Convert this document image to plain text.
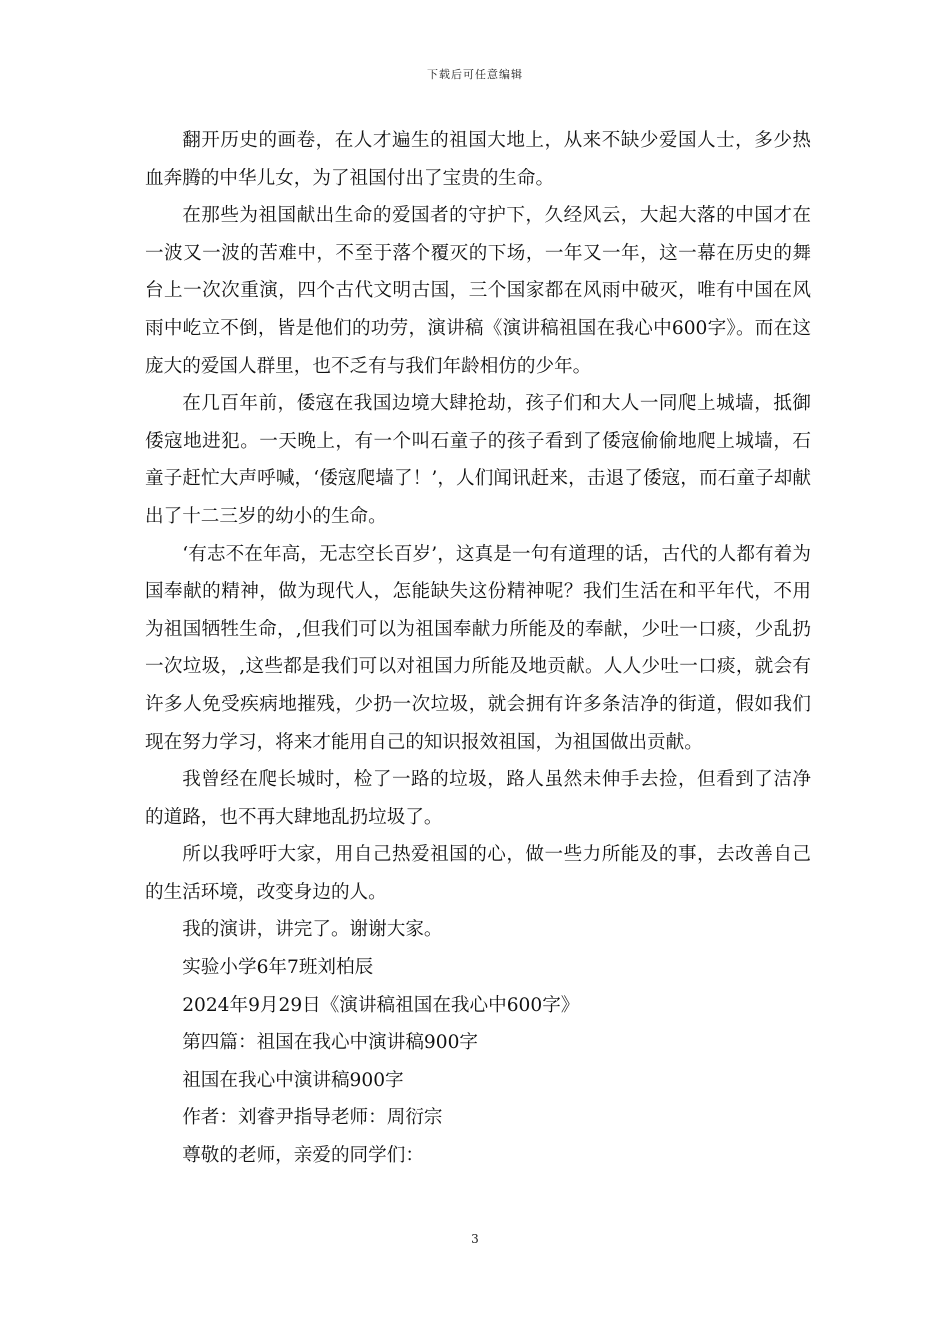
下载后可任意编辑

翻开历史的画卷，在人才遍生的祖国大地上，从来不缺少爱国人士，多少热血奔腾的中华儿女，为了祖国付出了宝贵的生命。

在那些为祖国献出生命的爱国者的守护下，久经风云，大起大落的中国才在一波又一波的苦难中，不至于落个覆灭的下场，一年又一年，这一幕在历史的舞台上一次次重演，四个古代文明古国，三个国家都在风雨中破灭，唯有中国在风雨中屹立不倒，皆是他们的功劳，演讲稿《演讲稿祖国在我心中600字》。而在这庞大的爱国人群里，也不乏有与我们年龄相仿的少年。

在几百年前，倭寇在我国边境大肆抢劫，孩子们和大人一同爬上城墙，抵御倭寇地进犯。一天晚上，有一个叫石童子的孩子看到了倭寇偷偷地爬上城墙，石童子赶忙大声呼喊，‘倭寇爬墙了！’，人们闻讯赶来，击退了倭寇，而石童子却献出了十二三岁的幼小的生命。

‘有志不在年高，无志空长百岁’，这真是一句有道理的话，古代的人都有着为国奉献的精神，做为现代人，怎能缺失这份精神呢？我们生活在和平年代，不用为祖国牺牲生命，,但我们可以为祖国奉献力所能及的奉献，少吐一口痰，少乱扔一次垃圾，,这些都是我们可以对祖国力所能及地贡献。人人少吐一口痰，就会有许多人免受疾病地摧残，少扔一次垃圾，就会拥有许多条洁净的街道，假如我们现在努力学习，将来才能用自己的知识报效祖国，为祖国做出贡献。

我曾经在爬长城时，检了一路的垃圾，路人虽然未伸手去捡，但看到了洁净的道路，也不再大肆地乱扔垃圾了。

所以我呼吁大家，用自己热爱祖国的心，做一些力所能及的事，去改善自己的生活环境，改变身边的人。

我的演讲，讲完了。谢谢大家。

实验小学6年7班刘柏辰

2024年9月29日《演讲稿祖国在我心中600字》

第四篇：祖国在我心中演讲稿900字

祖国在我心中演讲稿900字

作者：刘睿尹指导老师：周衍宗

尊敬的老师，亲爱的同学们：

3
